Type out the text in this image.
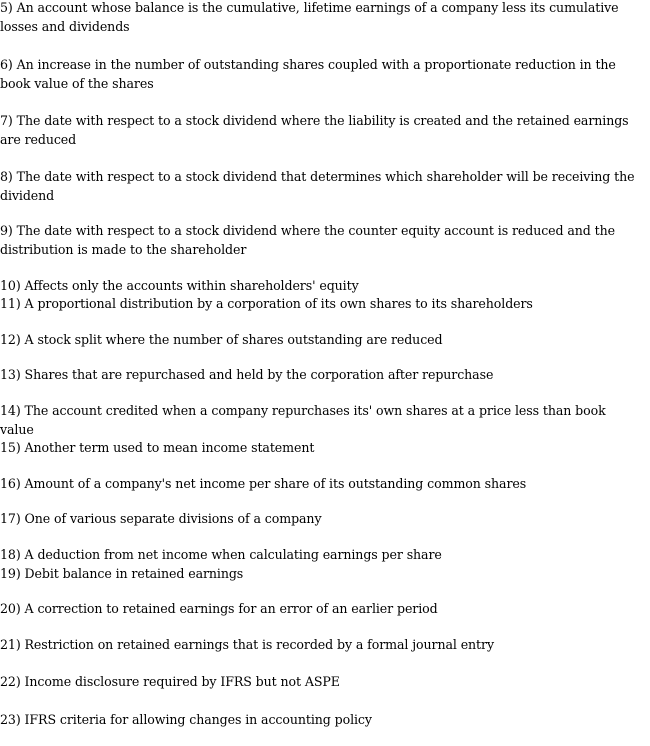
5) An account whose balance is the cumulative, lifetime earnings of a company less its cumulative losses and dividends
6) An increase in the number of outstanding shares coupled with a proportionate reduction in the book value of the shares
7) The date with respect to a stock dividend where the liability is created and the retained earnings are reduced
8) The date with respect to a stock dividend that determines which shareholder will be receiving the dividend
9) The date with respect to a stock dividend where the counter equity account is reduced and the distribution is made to the shareholder
10) Affects only the accounts within shareholders' equity
11) A proportional distribution by a corporation of its own shares to its shareholders
12) A stock split where the number of shares outstanding are reduced
13) Shares that are repurchased and held by the corporation after repurchase
14) The account credited when a company repurchases its' own shares at a price less than book value
15) Another term used to mean income statement
16) Amount of a company's net income per share of its outstanding common shares
17) One of various separate divisions of a company
18) A deduction from net income when calculating earnings per share
19) Debit balance in retained earnings
20) A correction to retained earnings for an error of an earlier period
21) Restriction on retained earnings that is recorded by a formal journal entry
22) Income disclosure required by IFRS but not ASPE
23) IFRS criteria for allowing changes in accounting policy
